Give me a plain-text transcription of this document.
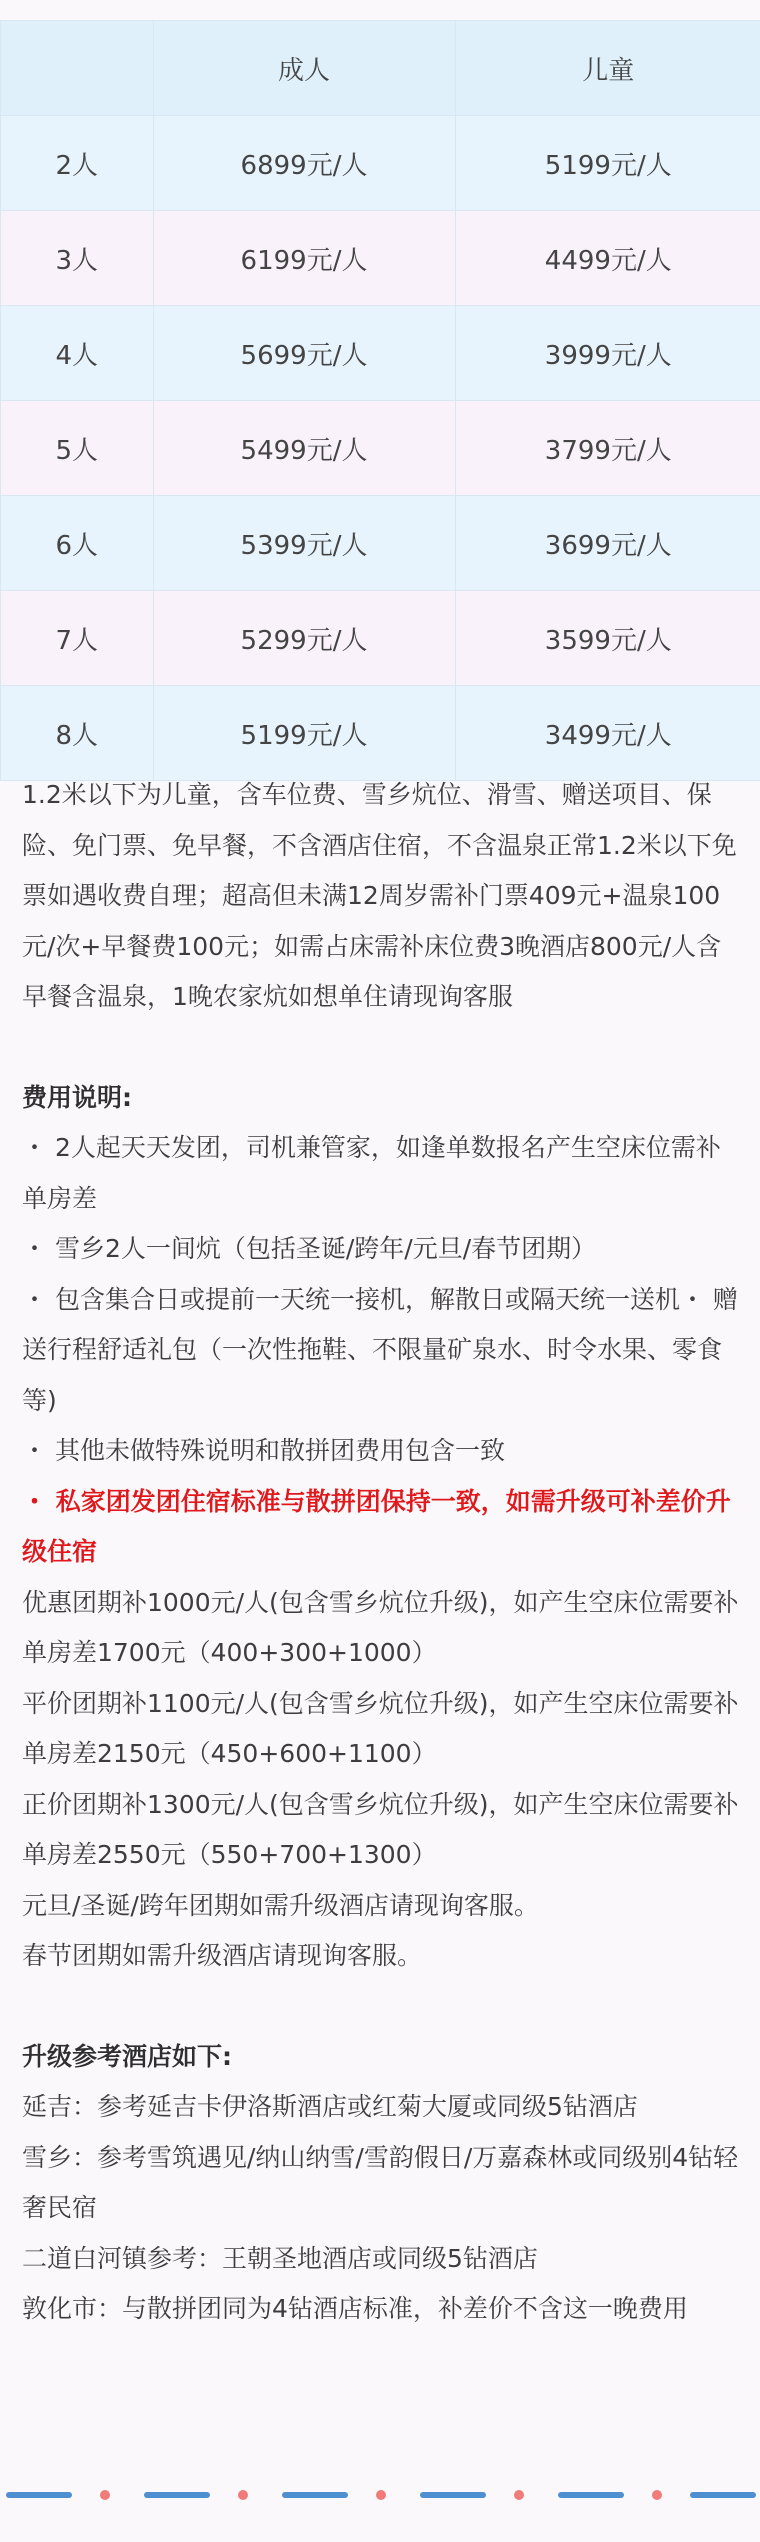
	成人	儿童
2人	6899元/人	5199元/人
3人	6199元/人	4499元/人
4人	5699元/人	3999元/人
5人	5499元/人	3799元/人
6人	5399元/人	3699元/人
7人	5299元/人	3599元/人
8人	5199元/人	3499元/人

1.2米以下为儿童，含车位费、雪乡炕位、滑雪、赠送项目、保险、免门票、免早餐，不含酒店住宿，不含温泉正常1.2米以下免票如遇收费自理；超高但未满12周岁需补门票409元+温泉100元/次+早餐费100元；如需占床需补床位费3晚酒店800元/人含早餐含温泉，1晚农家炕如想单住请现询客服

费用说明:

・ 2人起天天发团，司机兼管家，如逢单数报名产生空床位需补单房差

・ 雪乡2人一间炕（包括圣诞/跨年/元旦/春节团期）

・ 包含集合日或提前一天统一接机，解散日或隔天统一送机・ 赠送行程舒适礼包（一次性拖鞋、不限量矿泉水、时令水果、零食等)

・ 其他未做特殊说明和散拼团费用包含一致

・ 私家团发团住宿标准与散拼团保持一致，如需升级可补差价升级住宿

优惠团期补1000元/人(包含雪乡炕位升级)，如产生空床位需要补单房差1700元（400+300+1000）

平价团期补1100元/人(包含雪乡炕位升级)，如产生空床位需要补单房差2150元（450+600+1100）

正价团期补1300元/人(包含雪乡炕位升级)，如产生空床位需要补单房差2550元（550+700+1300）

元旦/圣诞/跨年团期如需升级酒店请现询客服。

春节团期如需升级酒店请现询客服。

升级参考酒店如下:

延吉：参考延吉卡伊洛斯酒店或红菊大厦或同级5钻酒店

雪乡：参考雪筑遇见/纳山纳雪/雪韵假日/万嘉森林或同级别4钻轻奢民宿

二道白河镇参考：王朝圣地酒店或同级5钻酒店

敦化市：与散拼团同为4钻酒店标准，补差价不含这一晚费用
